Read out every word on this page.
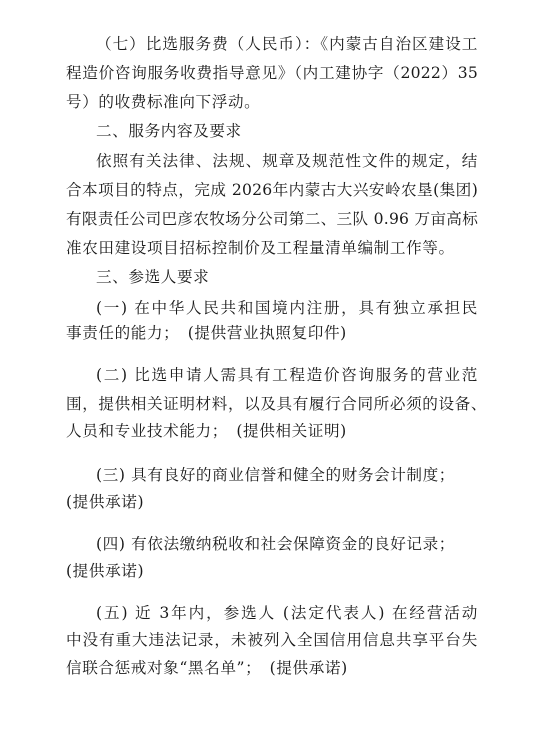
（七）比选服务费（人民币）：《内蒙古自治区建设工
程造价咨询服务收费指导意见》（内工建协字（2022）35
号）的收费标准向下浮动。
二、服务内容及要求
依照有关法律、法规、规章及规范性文件的规定，结
合本项目的特点，完成 2026年内蒙古大兴安岭农垦(集团)
有限责任公司巴彦农牧场分公司第二、三队 0.96 万亩高标
准农田建设项目招标控制价及工程量清单编制工作等。
三、参选人要求
(一) 在中华人民共和国境内注册，具有独立承担民
事责任的能力；　(提供营业执照复印件)
(二) 比选申请人需具有工程造价咨询服务的营业范
围，提供相关证明材料，以及具有履行合同所必须的设备、
人员和专业技术能力；　(提供相关证明)
(三) 具有良好的商业信誉和健全的财务会计制度；
(提供承诺)
(四) 有依法缴纳税收和社会保障资金的良好记录；
(提供承诺)
(五) 近 3年内，参选人 (法定代表人) 在经营活动
中没有重大违法记录，未被列入全国信用信息共享平台失
信联合惩戒对象“黑名单”；　(提供承诺)
